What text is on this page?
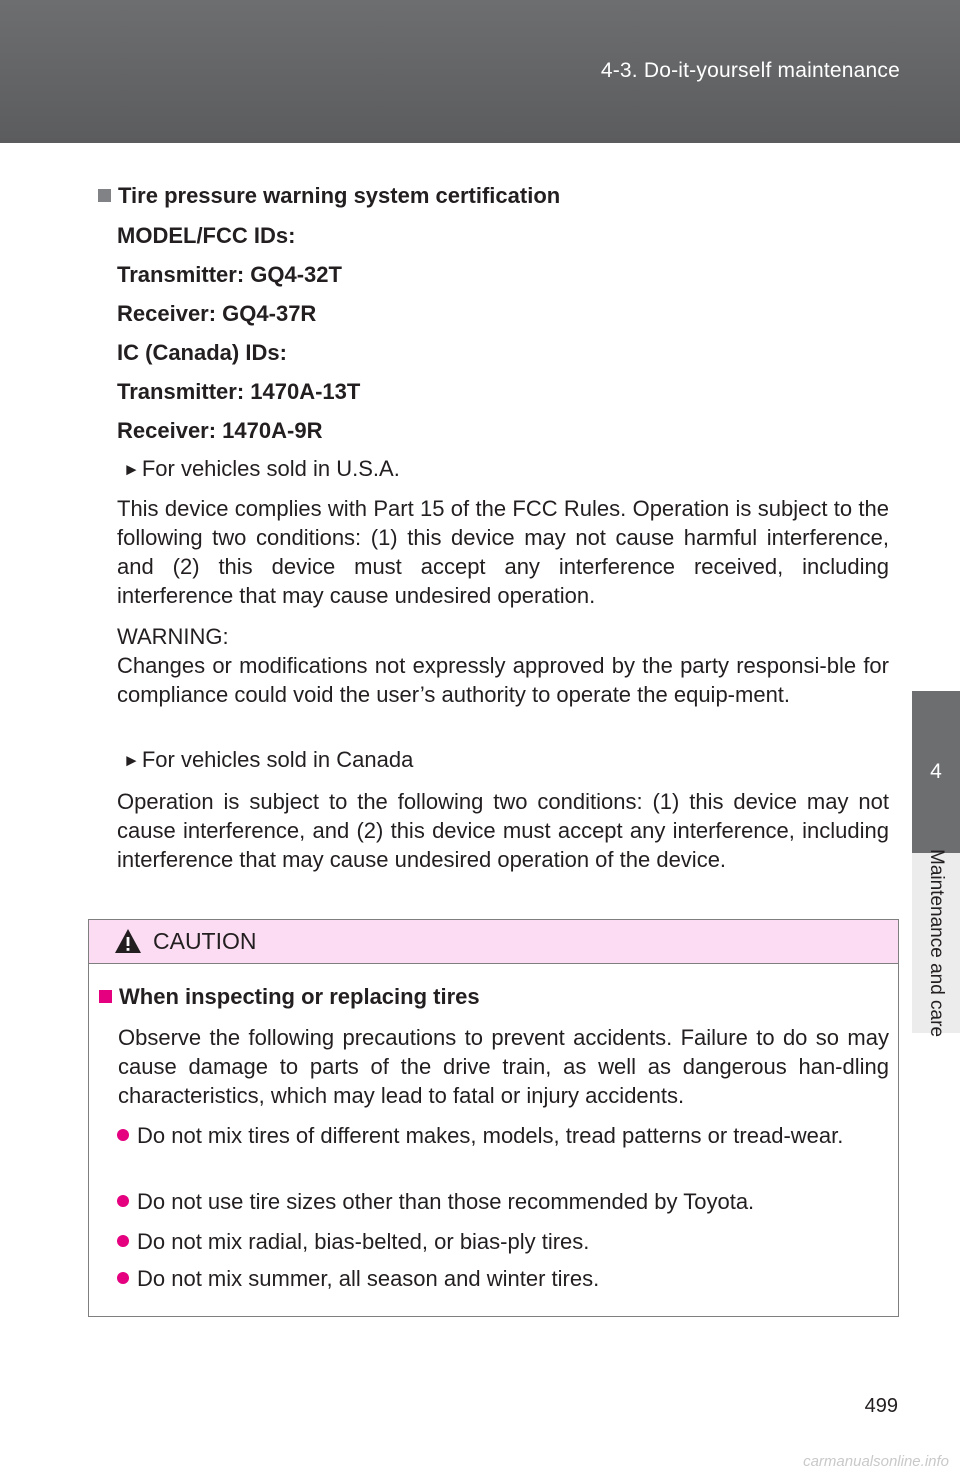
4-3. Do-it-yourself maintenance
4
Maintenance and care
Tire pressure warning system certification
MODEL/FCC IDs:
Transmitter: GQ4-32T
Receiver: GQ4-37R
IC (Canada) IDs:
Transmitter: 1470A-13T
Receiver: 1470A-9R
►For vehicles sold in U.S.A.
This device complies with Part 15 of the FCC Rules. Operation is subject to the following two conditions: (1) this device may not cause harmful interference, and (2) this device must accept any interference received, including interference that may cause undesired operation.
WARNING:
Changes or modifications not expressly approved by the party responsi-ble for compliance could void the user’s authority to operate the equip-ment.
►For vehicles sold in Canada
Operation is subject to the following two conditions: (1) this device may not cause interference, and (2) this device must accept any interference, including interference that may cause undesired operation of the device.
CAUTION
When inspecting or replacing tires
Observe the following precautions to prevent accidents. Failure to do so may cause damage to parts of the drive train, as well as dangerous han-dling characteristics, which may lead to fatal or injury accidents.
Do not mix tires of different makes, models, tread patterns or tread-wear.
Do not use tire sizes other than those recommended by Toyota.
Do not mix radial, bias-belted, or bias-ply tires.
Do not mix summer, all season and winter tires.
499
carmanualsonline.info
